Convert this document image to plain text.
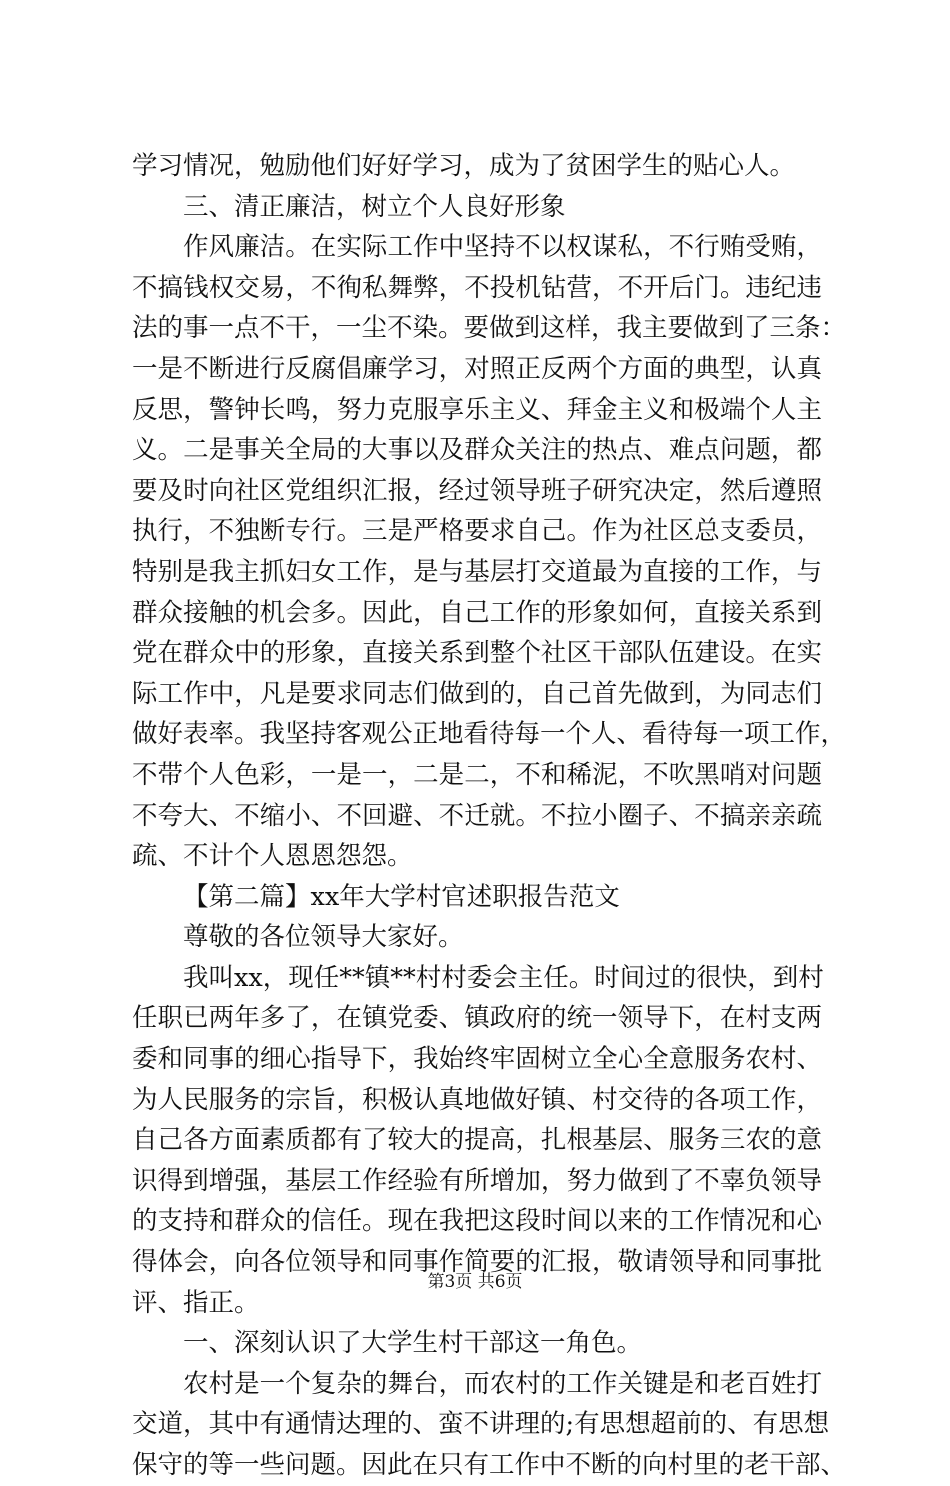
学习情况，勉励他们好好学习，成为了贫困学生的贴心人。
三、清正廉洁，树立个人良好形象
作风廉洁。在实际工作中坚持不以权谋私，不行贿受贿，
不搞钱权交易，不徇私舞弊，不投机钻营，不开后门。违纪违
法的事一点不干，一尘不染。要做到这样，我主要做到了三条：
一是不断进行反腐倡廉学习，对照正反两个方面的典型，认真
反思，警钟长鸣，努力克服享乐主义、拜金主义和极端个人主
义。二是事关全局的大事以及群众关注的热点、难点问题，都
要及时向社区党组织汇报，经过领导班子研究决定，然后遵照
执行，不独断专行。三是严格要求自己。作为社区总支委员，
特别是我主抓妇女工作，是与基层打交道最为直接的工作，与
群众接触的机会多。因此，自己工作的形象如何，直接关系到
党在群众中的形象，直接关系到整个社区干部队伍建设。在实
际工作中，凡是要求同志们做到的，自己首先做到，为同志们
做好表率。我坚持客观公正地看待每一个人、看待每一项工作，
不带个人色彩，一是一，二是二，不和稀泥，不吹黑哨对问题
不夸大、不缩小、不回避、不迁就。不拉小圈子、不搞亲亲疏
疏、不计个人恩恩怨怨。
【第二篇】xx年大学村官述职报告范文
尊敬的各位领导大家好。
我叫xx，现任**镇**村村委会主任。时间过的很快，到村
任职已两年多了，在镇党委、镇政府的统一领导下，在村支两
委和同事的细心指导下，我始终牢固树立全心全意服务农村、
为人民服务的宗旨，积极认真地做好镇、村交待的各项工作，
自己各方面素质都有了较大的提高，扎根基层、服务三农的意
识得到增强，基层工作经验有所增加，努力做到了不辜负领导
的支持和群众的信任。现在我把这段时间以来的工作情况和心
得体会，向各位领导和同事作简要的汇报，敬请领导和同事批
评、指正。
一、深刻认识了大学生村干部这一角色。
农村是一个复杂的舞台，而农村的工作关键是和老百姓打
交道，其中有通情达理的、蛮不讲理的;有思想超前的、有思想
保守的等一些问题。因此在只有工作中不断的向村里的老干部、
第3页 共6页
